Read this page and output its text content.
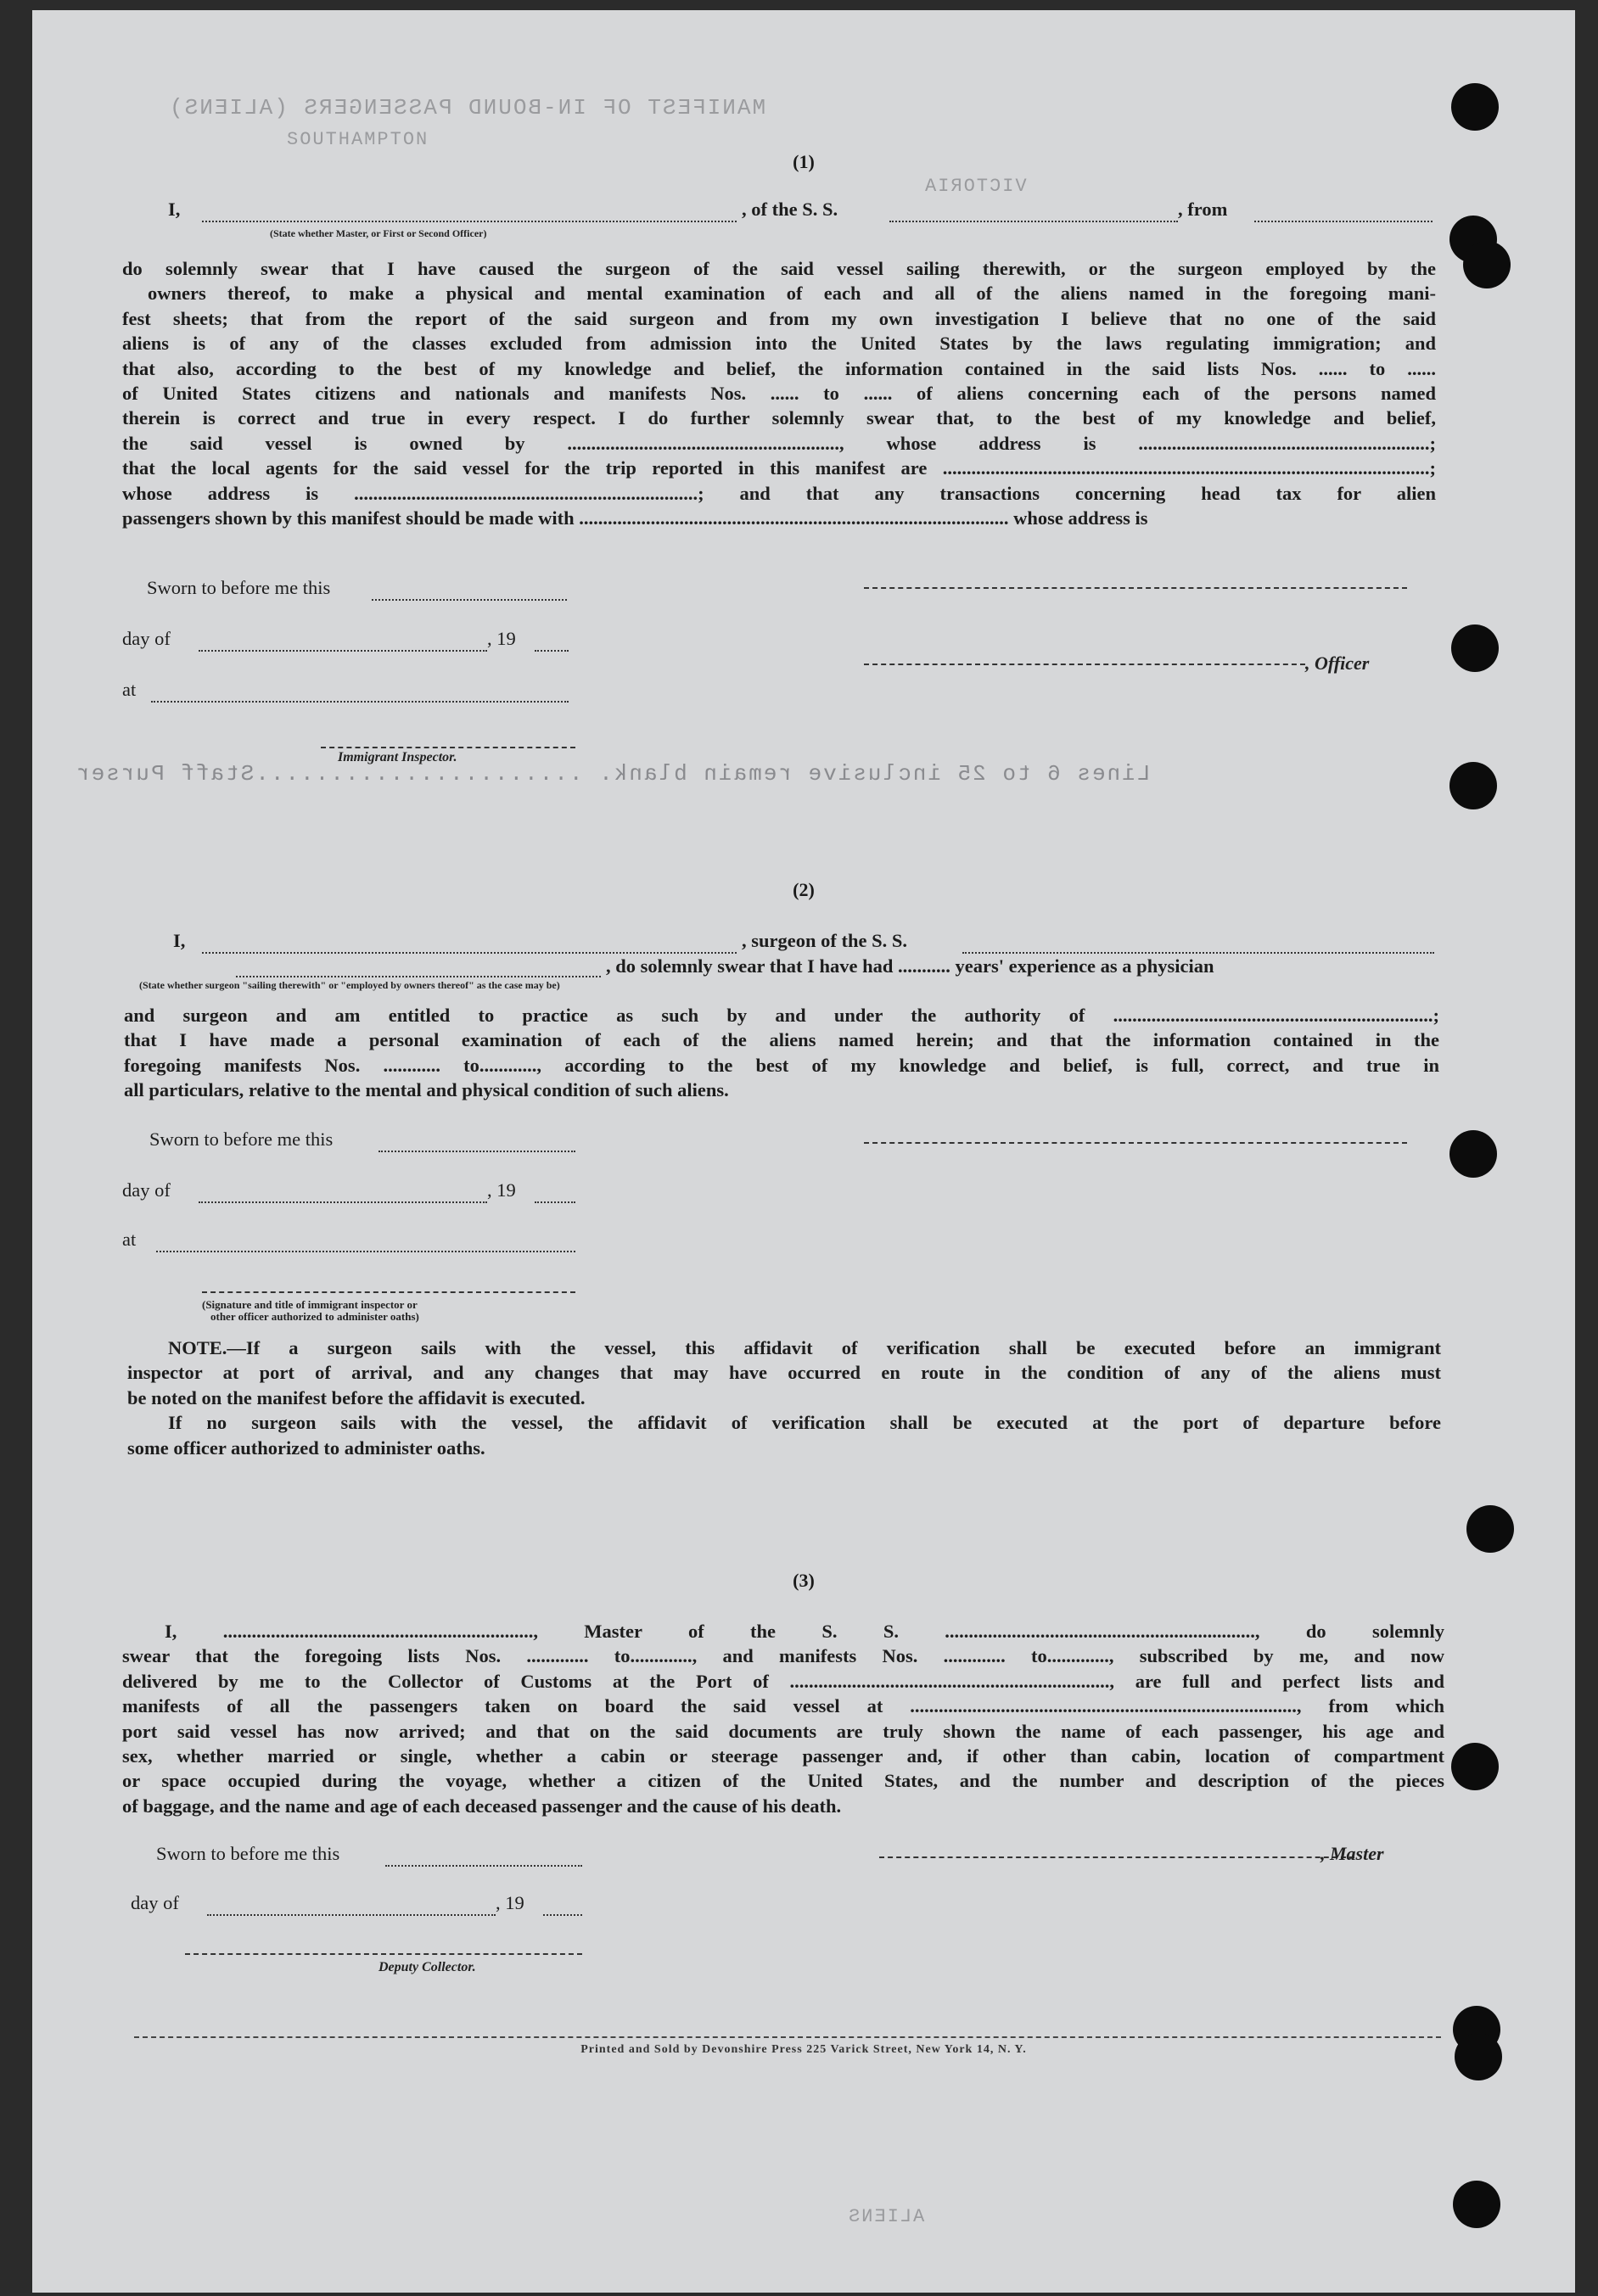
MANIFEST OF IN-BOUND PASSENGERS (ALIENS)
SOUTHAMPTON
VICTORIA
Lines 6 to 25 inclusive remain blank. ......................Staff Purser
ALIENS
(1)
I,	, of the S. S.	, from
(State whether Master, or First or Second Officer)
do solemnly swear that I have caused the surgeon of the said vessel sailing therewith, or the surgeon employed by the
owners thereof, to make a physical and mental examination of each and all of the aliens named in the foregoing mani-
fest sheets; that from the report of the said surgeon and from my own investigation I believe that no one of the said
aliens is of any of the classes excluded from admission into the United States by the laws regulating immigration; and
that also, according to the best of my knowledge and belief, the information contained in the said lists Nos. ...... to ......
of United States citizens and nationals and manifests Nos. ...... to ...... of aliens concerning each of the persons named
therein is correct and true in every respect. I do further solemnly swear that, to the best of my knowledge and belief,
the said vessel is owned by ........................................................., whose address is .............................................................;
that the local agents for the said vessel for the trip reported in this manifest are ......................................................................................................;
whose address is ........................................................................; and that any transactions concerning head tax for alien
passengers shown by this manifest should be made with .......................................................................................... whose address is
Sworn to before me this
day of	, 19
at
Immigrant Inspector.
, Officer
(2)
I,	, surgeon of the S. S.
, do solemnly swear that I have had ........... years' experience as a physician
(State whether surgeon "sailing therewith" or "employed by owners thereof" as the case may be)
and surgeon and am entitled to practice as such by and under the authority of ...................................................................;
that I have made a personal examination of each of the aliens named herein; and that the information contained in the
foregoing manifests Nos. ............ to............, according to the best of my knowledge and belief, is full, correct, and true in
all particulars, relative to the mental and physical condition of such aliens.
Sworn to before me this
day of	, 19
at
(Signature and title of immigrant inspector or
other officer authorized to administer oaths)
NOTE.—If a surgeon sails with the vessel, this affidavit of verification shall be executed before an immigrant
inspector at port of arrival, and any changes that may have occurred en route in the condition of any of the aliens must
be noted on the manifest before the affidavit is executed.
If no surgeon sails with the vessel, the affidavit of verification shall be executed at the port of departure before
some officer authorized to administer oaths.
(3)
I, ................................................................., Master of the S. S. ................................................................., do solemnly
swear that the foregoing lists Nos. ............. to............., and manifests Nos. ............. to............., subscribed by me, and now
delivered by me to the Collector of Customs at the Port of ..................................................................., are full and perfect lists and
manifests of all the passengers taken on board the said vessel at ................................................................................., from which
port said vessel has now arrived; and that on the said documents are truly shown the name of each passenger, his age and
sex, whether married or single, whether a cabin or steerage passenger and, if other than cabin, location of compartment
or space occupied during the voyage, whether a citizen of the United States, and the number and description of the pieces
of baggage, and the name and age of each deceased passenger and the cause of his death.
Sworn to before me this
day of	, 19
Deputy Collector.
, Master
Printed and Sold by Devonshire Press 225 Varick Street, New York 14, N. Y.
